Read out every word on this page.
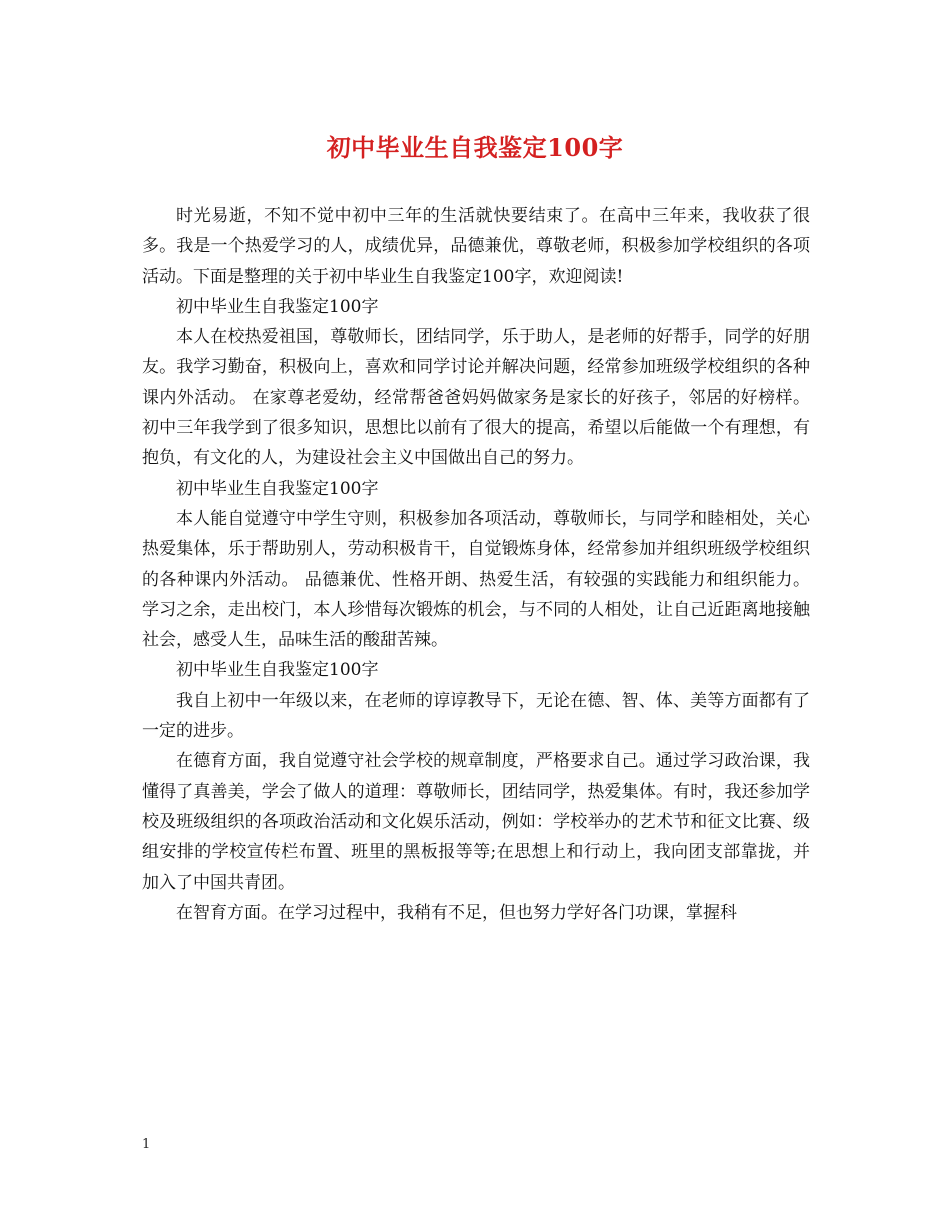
初中毕业生自我鉴定100字

时光易逝，不知不觉中初中三年的生活就快要结束了。在高中三年来，我收获了很多。我是一个热爱学习的人，成绩优异，品德兼优，尊敬老师，积极参加学校组织的各项活动。下面是整理的关于初中毕业生自我鉴定100字，欢迎阅读!

初中毕业生自我鉴定100字

本人在校热爱祖国，尊敬师长，团结同学，乐于助人，是老师的好帮手，同学的好朋友。我学习勤奋，积极向上，喜欢和同学讨论并解决问题，经常参加班级学校组织的各种课内外活动。 在家尊老爱幼，经常帮爸爸妈妈做家务是家长的好孩子，邻居的好榜样。初中三年我学到了很多知识，思想比以前有了很大的提高，希望以后能做一个有理想，有抱负，有文化的人，为建设社会主义中国做出自己的努力。

初中毕业生自我鉴定100字

本人能自觉遵守中学生守则，积极参加各项活动，尊敬师长，与同学和睦相处，关心热爱集体，乐于帮助别人，劳动积极肯干，自觉锻炼身体，经常参加并组织班级学校组织的各种课内外活动。 品德兼优、性格开朗、热爱生活，有较强的实践能力和组织能力。学习之余，走出校门，本人珍惜每次锻炼的机会，与不同的人相处，让自己近距离地接触社会，感受人生，品味生活的酸甜苦辣。

初中毕业生自我鉴定100字

我自上初中一年级以来，在老师的谆谆教导下，无论在德、智、体、美等方面都有了一定的进步。

在德育方面，我自觉遵守社会学校的规章制度，严格要求自己。通过学习政治课，我懂得了真善美，学会了做人的道理：尊敬师长，团结同学，热爱集体。有时，我还参加学校及班级组织的各项政治活动和文化娱乐活动，例如：学校举办的艺术节和征文比赛、级组安排的学校宣传栏布置、班里的黑板报等等;在思想上和行动上，我向团支部靠拢，并加入了中国共青团。

在智育方面。在学习过程中，我稍有不足，但也努力学好各门功课，掌握科

1
